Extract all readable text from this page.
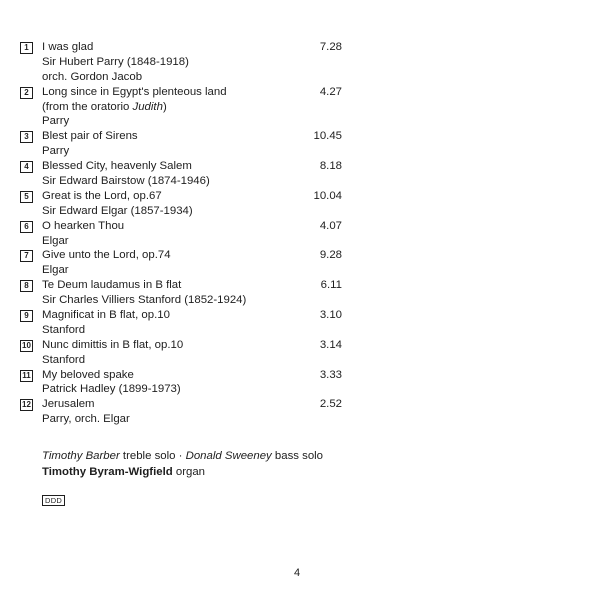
1	I was glad	7.28
Sir Hubert Parry (1848-1918)
orch. Gordon Jacob
2	Long since in Egypt's plenteous land	4.27
(from the oratorio Judith)
Parry
3	Blest pair of Sirens	10.45
Parry
4	Blessed City, heavenly Salem	8.18
Sir Edward Bairstow (1874-1946)
5	Great is the Lord, op.67	10.04
Sir Edward Elgar (1857-1934)
6	O hearken Thou	4.07
Elgar
7	Give unto the Lord, op.74	9.28
Elgar
8	Te Deum laudamus in B flat	6.11
Sir Charles Villiers Stanford (1852-1924)
9	Magnificat in B flat, op.10	3.10
Stanford
10 Nunc dimittis in B flat, op.10	3.14
Stanford
11 My beloved spake	3.33
Patrick Hadley (1899-1973)
12 Jerusalem	2.52
Parry, orch. Elgar
Timothy Barber treble solo · Donald Sweeney bass solo
Timothy Byram-Wigfield organ
DDD
4
